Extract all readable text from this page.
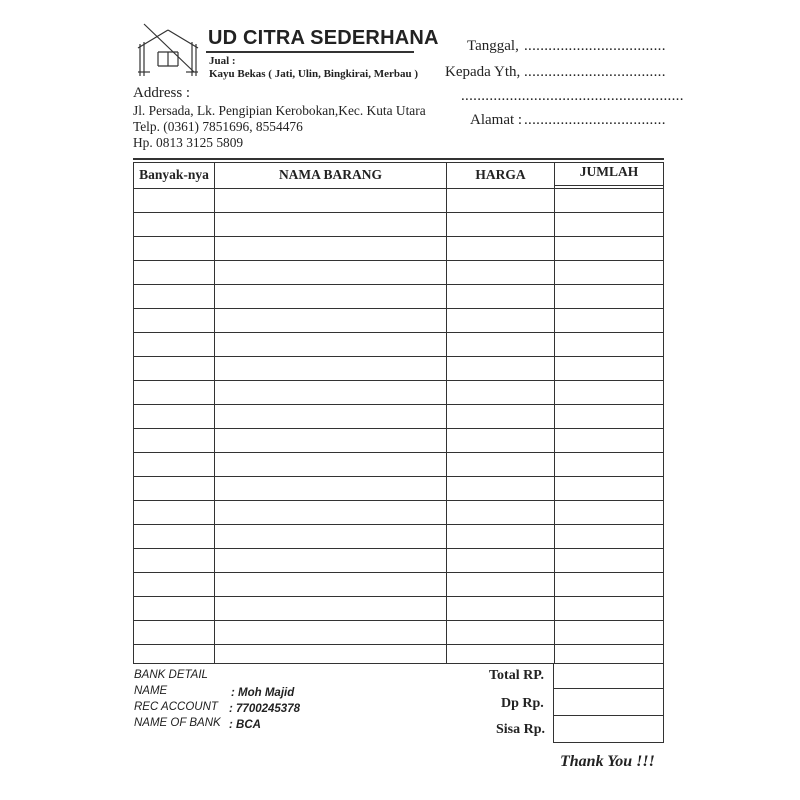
UD CITRA SEDERHANA
Jual :
Kayu Bekas ( Jati, Ulin, Bingkirai, Merbau )
Address :
Jl. Persada, Lk. Pengipian Kerobokan,Kec. Kuta Utara
Telp. (0361) 7851696, 8554476
Hp. 0813 3125 5809
Tanggal, ...................................
Kepada Yth, ...................................
.......................................................
Alamat : ...................................
Banyak-nya	NAMA BARANG	HARGA	JUMLAH
BANK DETAIL
NAME	: Moh Majid
REC ACCOUNT : 7700245378
NAME OF BANK : BCA
Total RP.
Dp Rp.
Sisa Rp.
Thank You !!!
